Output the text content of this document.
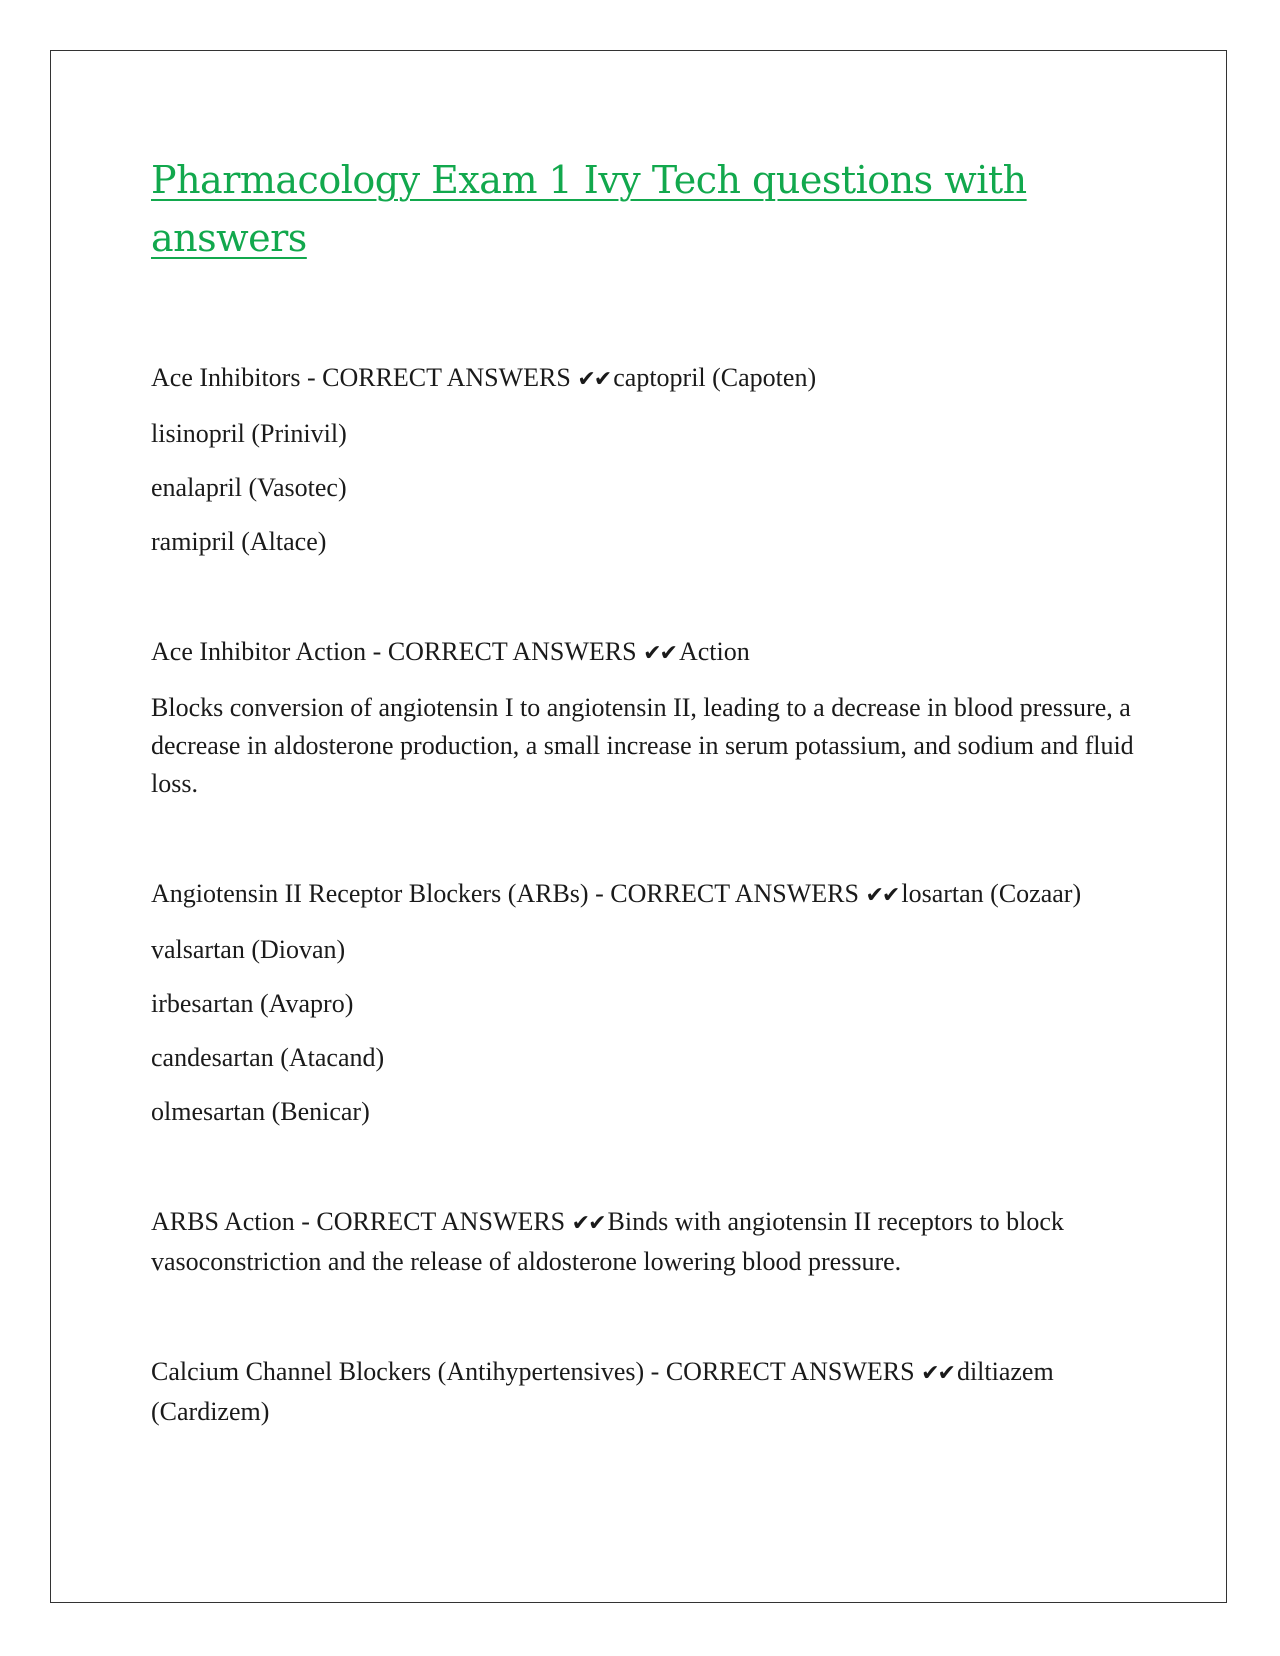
Pharmacology Exam 1 Ivy Tech questions with answers

Ace Inhibitors - CORRECT ANSWERS ✔✔ captopril (Capoten)

lisinopril (Prinivil)

enalapril (Vasotec)

ramipril (Altace)

Ace Inhibitor Action - CORRECT ANSWERS ✔✔ Action

Blocks conversion of angiotensin I to angiotensin II, leading to a decrease in blood pressure, a decrease in aldosterone production, a small increase in serum potassium, and sodium and fluid loss.

Angiotensin II Receptor Blockers (ARBs) - CORRECT ANSWERS ✔✔ losartan (Cozaar)

valsartan (Diovan)

irbesartan (Avapro)

candesartan (Atacand)

olmesartan (Benicar)

ARBS Action - CORRECT ANSWERS ✔✔ Binds with angiotensin II receptors to block vasoconstriction and the release of aldosterone lowering blood pressure.

Calcium Channel Blockers (Antihypertensives) - CORRECT ANSWERS ✔✔ diltiazem (Cardizem)
